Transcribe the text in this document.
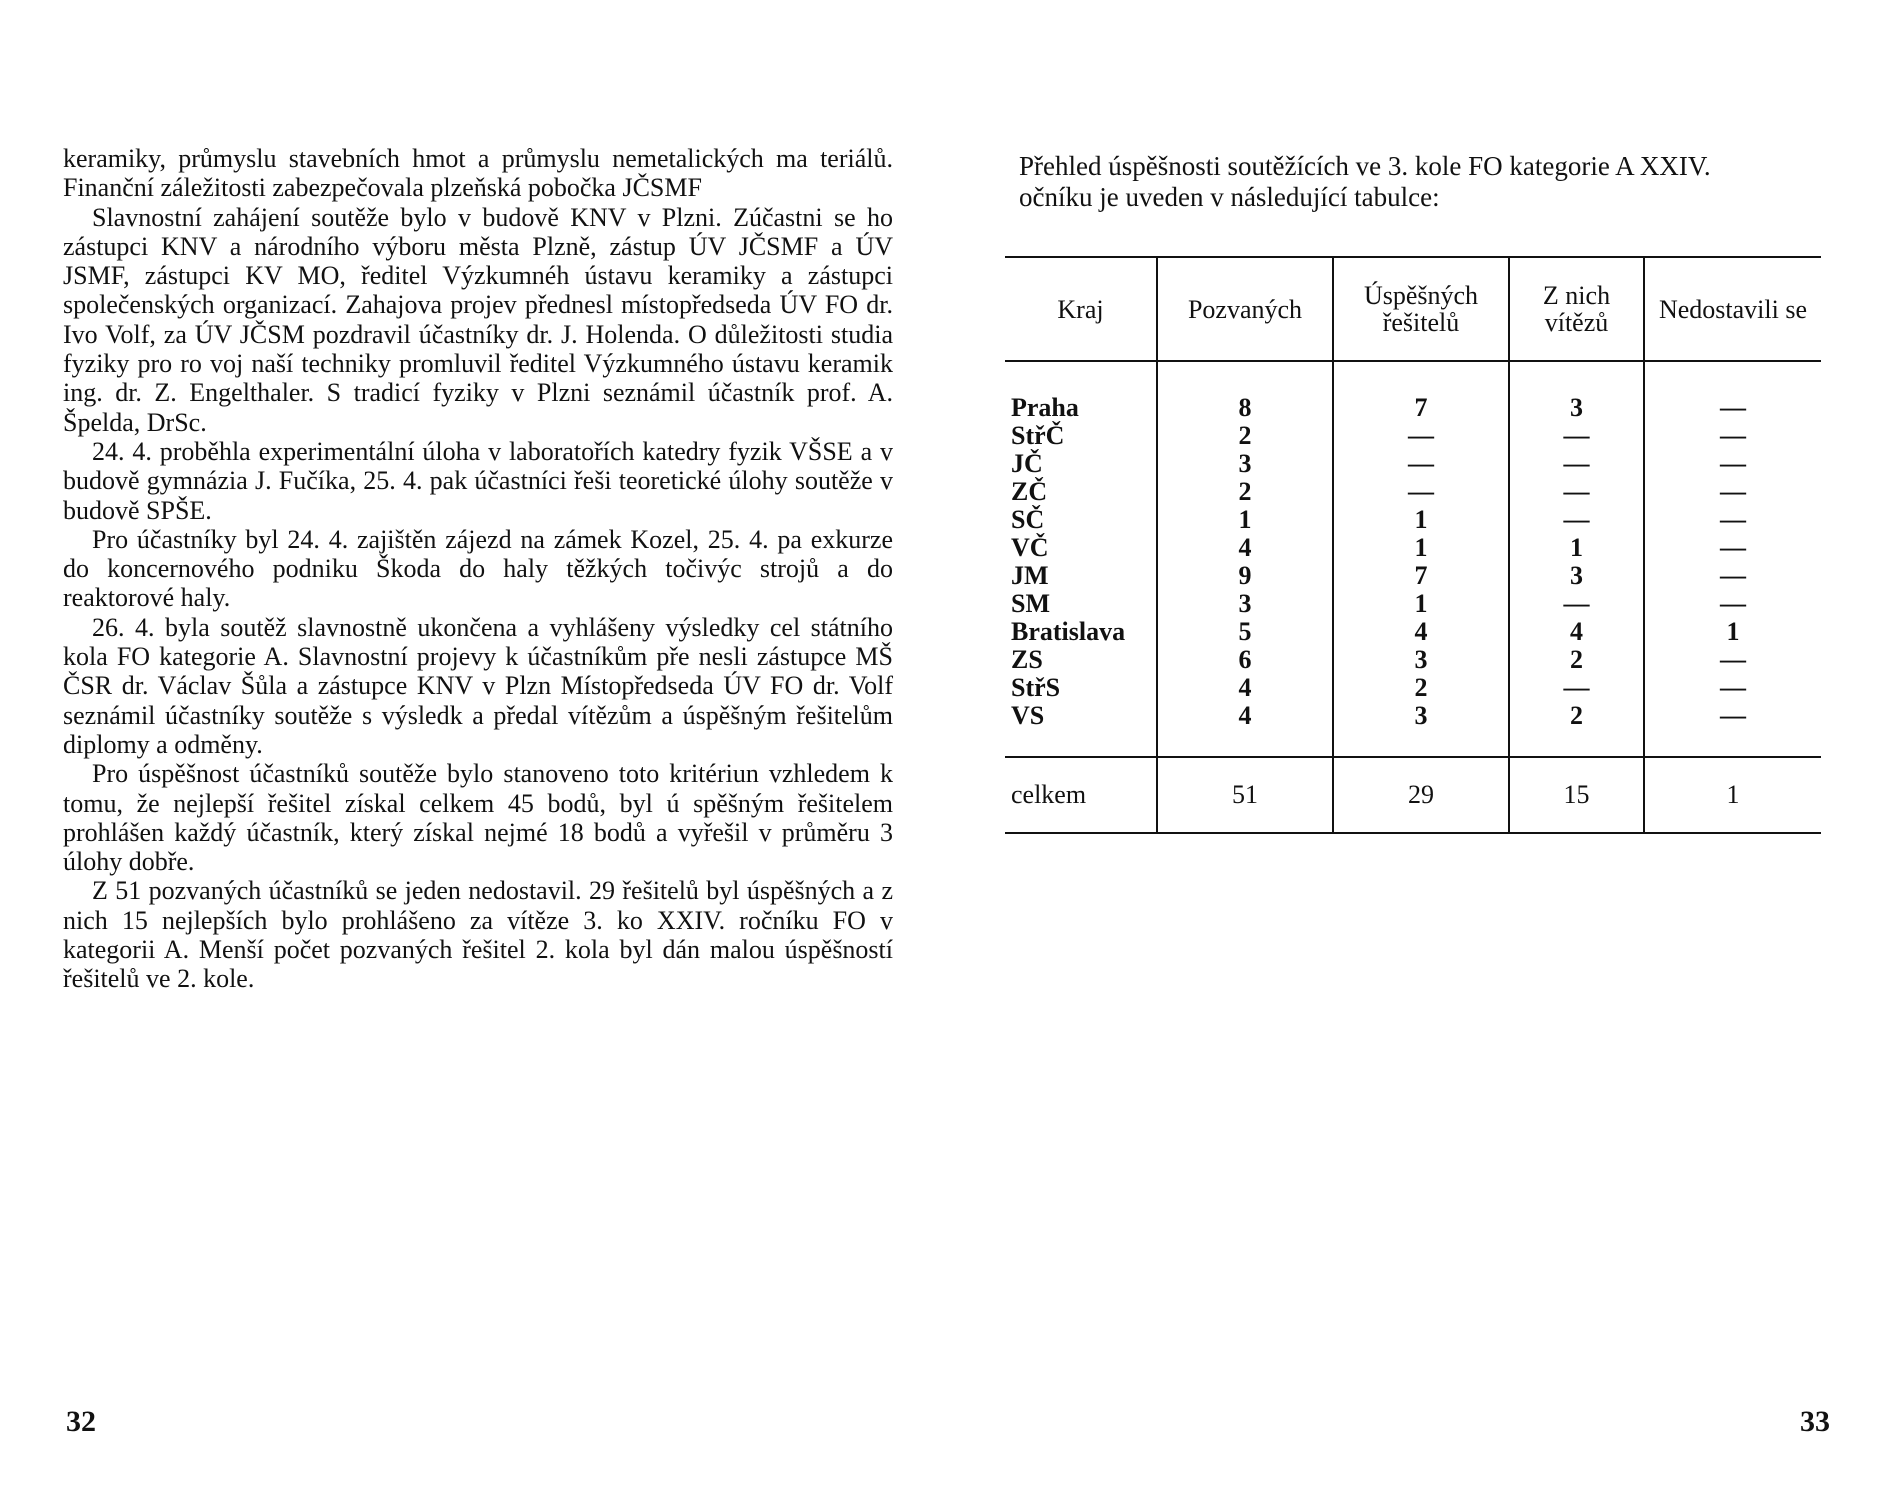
keramiky, průmyslu stavebních hmot a průmyslu nemetalických ma teriálů. Finanční záležitosti zabezpečovala plzeňská pobočka JČSMF

Slavnostní zahájení soutěže bylo v budově KNV v Plzni. Zúčastni se ho zástupci KNV a národního výboru města Plzně, zástup ÚV JČSMF a ÚV JSMF, zástupci KV MO, ředitel Výzkumnéh ústavu keramiky a zástupci společenských organizací. Zahajova projev přednesl místopředseda ÚV FO dr. Ivo Volf, za ÚV JČSM pozdravil účastníky dr. J. Holenda. O důležitosti studia fyziky pro ro voj naší techniky promluvil ředitel Výzkumného ústavu keramik ing. dr. Z. Engelthaler. S tradicí fyziky v Plzni seznámil účastník prof. A. Špelda, DrSc.

24. 4. proběhla experimentální úloha v laboratořích katedry fyzik VŠSE a v budově gymnázia J. Fučíka, 25. 4. pak účastníci řeši teoretické úlohy soutěže v budově SPŠE.

Pro účastníky byl 24. 4. zajištěn zájezd na zámek Kozel, 25. 4. pa exkurze do koncernového podniku Škoda do haly těžkých točivýc strojů a do reaktorové haly.

26. 4. byla soutěž slavnostně ukončena a vyhlášeny výsledky cel státního kola FO kategorie A. Slavnostní projevy k účastníkům pře nesli zástupce MŠ ČSR dr. Václav Šůla a zástupce KNV v Plzn Místopředseda ÚV FO dr. Volf seznámil účastníky soutěže s výsledk a předal vítězům a úspěšným řešitelům diplomy a odměny.

Pro úspěšnost účastníků soutěže bylo stanoveno toto kritériun vzhledem k tomu, že nejlepší řešitel získal celkem 45 bodů, byl ú spěšným řešitelem prohlášen každý účastník, který získal nejmé 18 bodů a vyřešil v průměru 3 úlohy dobře.

Z 51 pozvaných účastníků se jeden nedostavil. 29 řešitelů byl úspěšných a z nich 15 nejlepších bylo prohlášeno za vítěze 3. ko XXIV. ročníku FO v kategorii A. Menší počet pozvaných řešitel 2. kola byl dán malou úspěšností řešitelů ve 2. kole.

32

Přehled úspěšnosti soutěžících ve 3. kole FO kategorie A XXIV.

očníku je uveden v následující tabulce:

Kraj	Pozvaných	Úspěšných řešitelů	Z nich vítězů	Nedostavili se
Praha	8	7	3	—
StřČ	2	—	—	—
JČ	3	—	—	—
ZČ	2	—	—	—
SČ	1	1	—	—
VČ	4	1	1	—
JM	9	7	3	—
SM	3	1	—	—
Bratislava	5	4	4	1
ZS	6	3	2	—
StřS	4	2	—	—
VS	4	3	2	—
celkem	51	29	15	1
33
